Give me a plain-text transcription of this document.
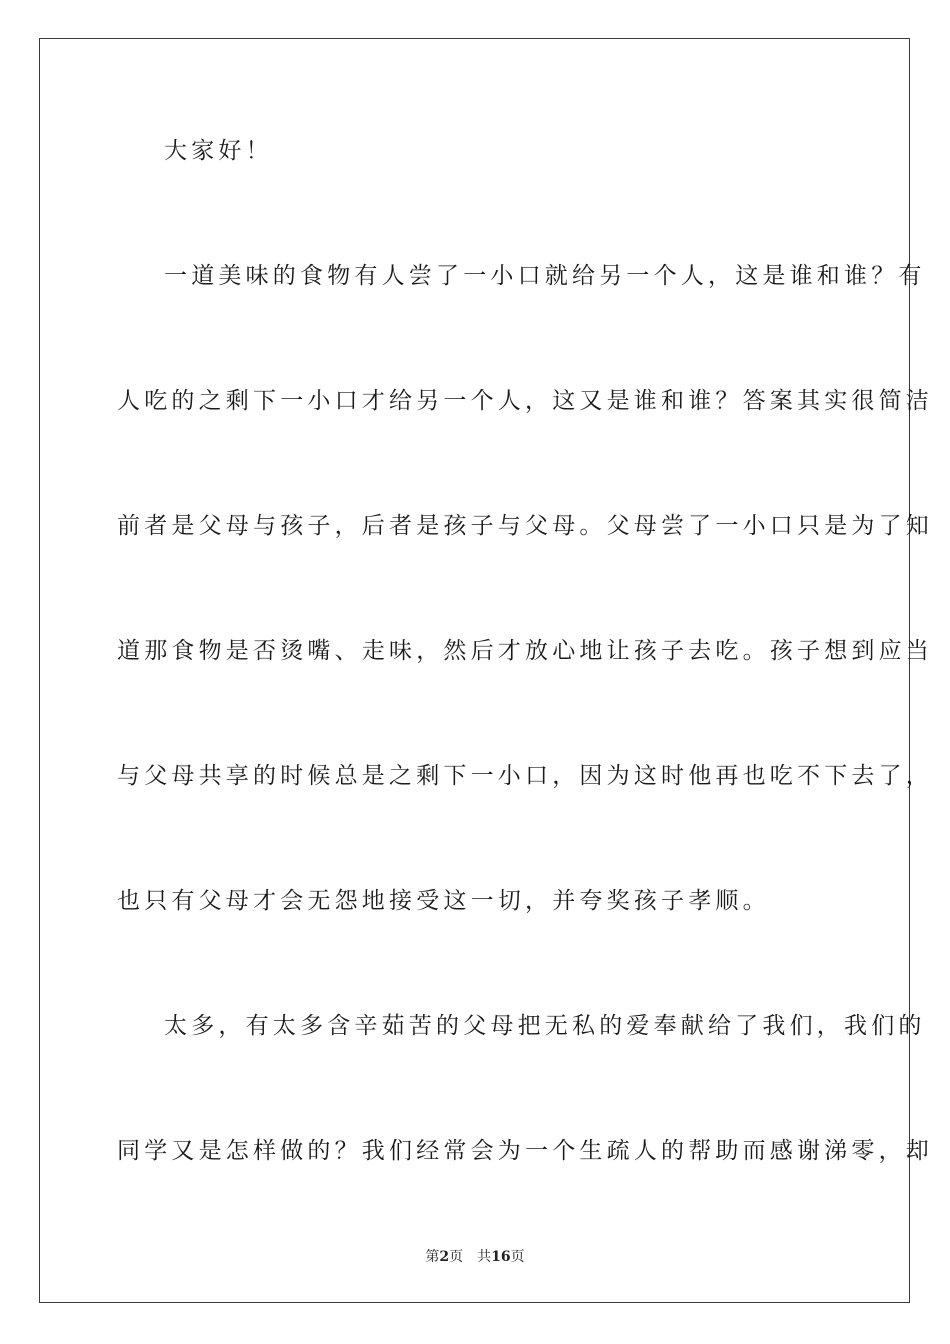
大家好！
一道美味的食物有人尝了一小口就给另一个人，这是谁和谁？有
人吃的之剩下一小口才给另一个人，这又是谁和谁？答案其实很简洁
前者是父母与孩子，后者是孩子与父母。父母尝了一小口只是为了知
道那食物是否烫嘴、走味，然后才放心地让孩子去吃。孩子想到应当
与父母共享的时候总是之剩下一小口，因为这时他再也吃不下去了，
也只有父母才会无怨地接受这一切，并夸奖孩子孝顺。
太多，有太多含辛茹苦的父母把无私的爱奉献给了我们，我们的
同学又是怎样做的？我们经常会为一个生疏人的帮助而感谢涕零，却
第2页 共16页
